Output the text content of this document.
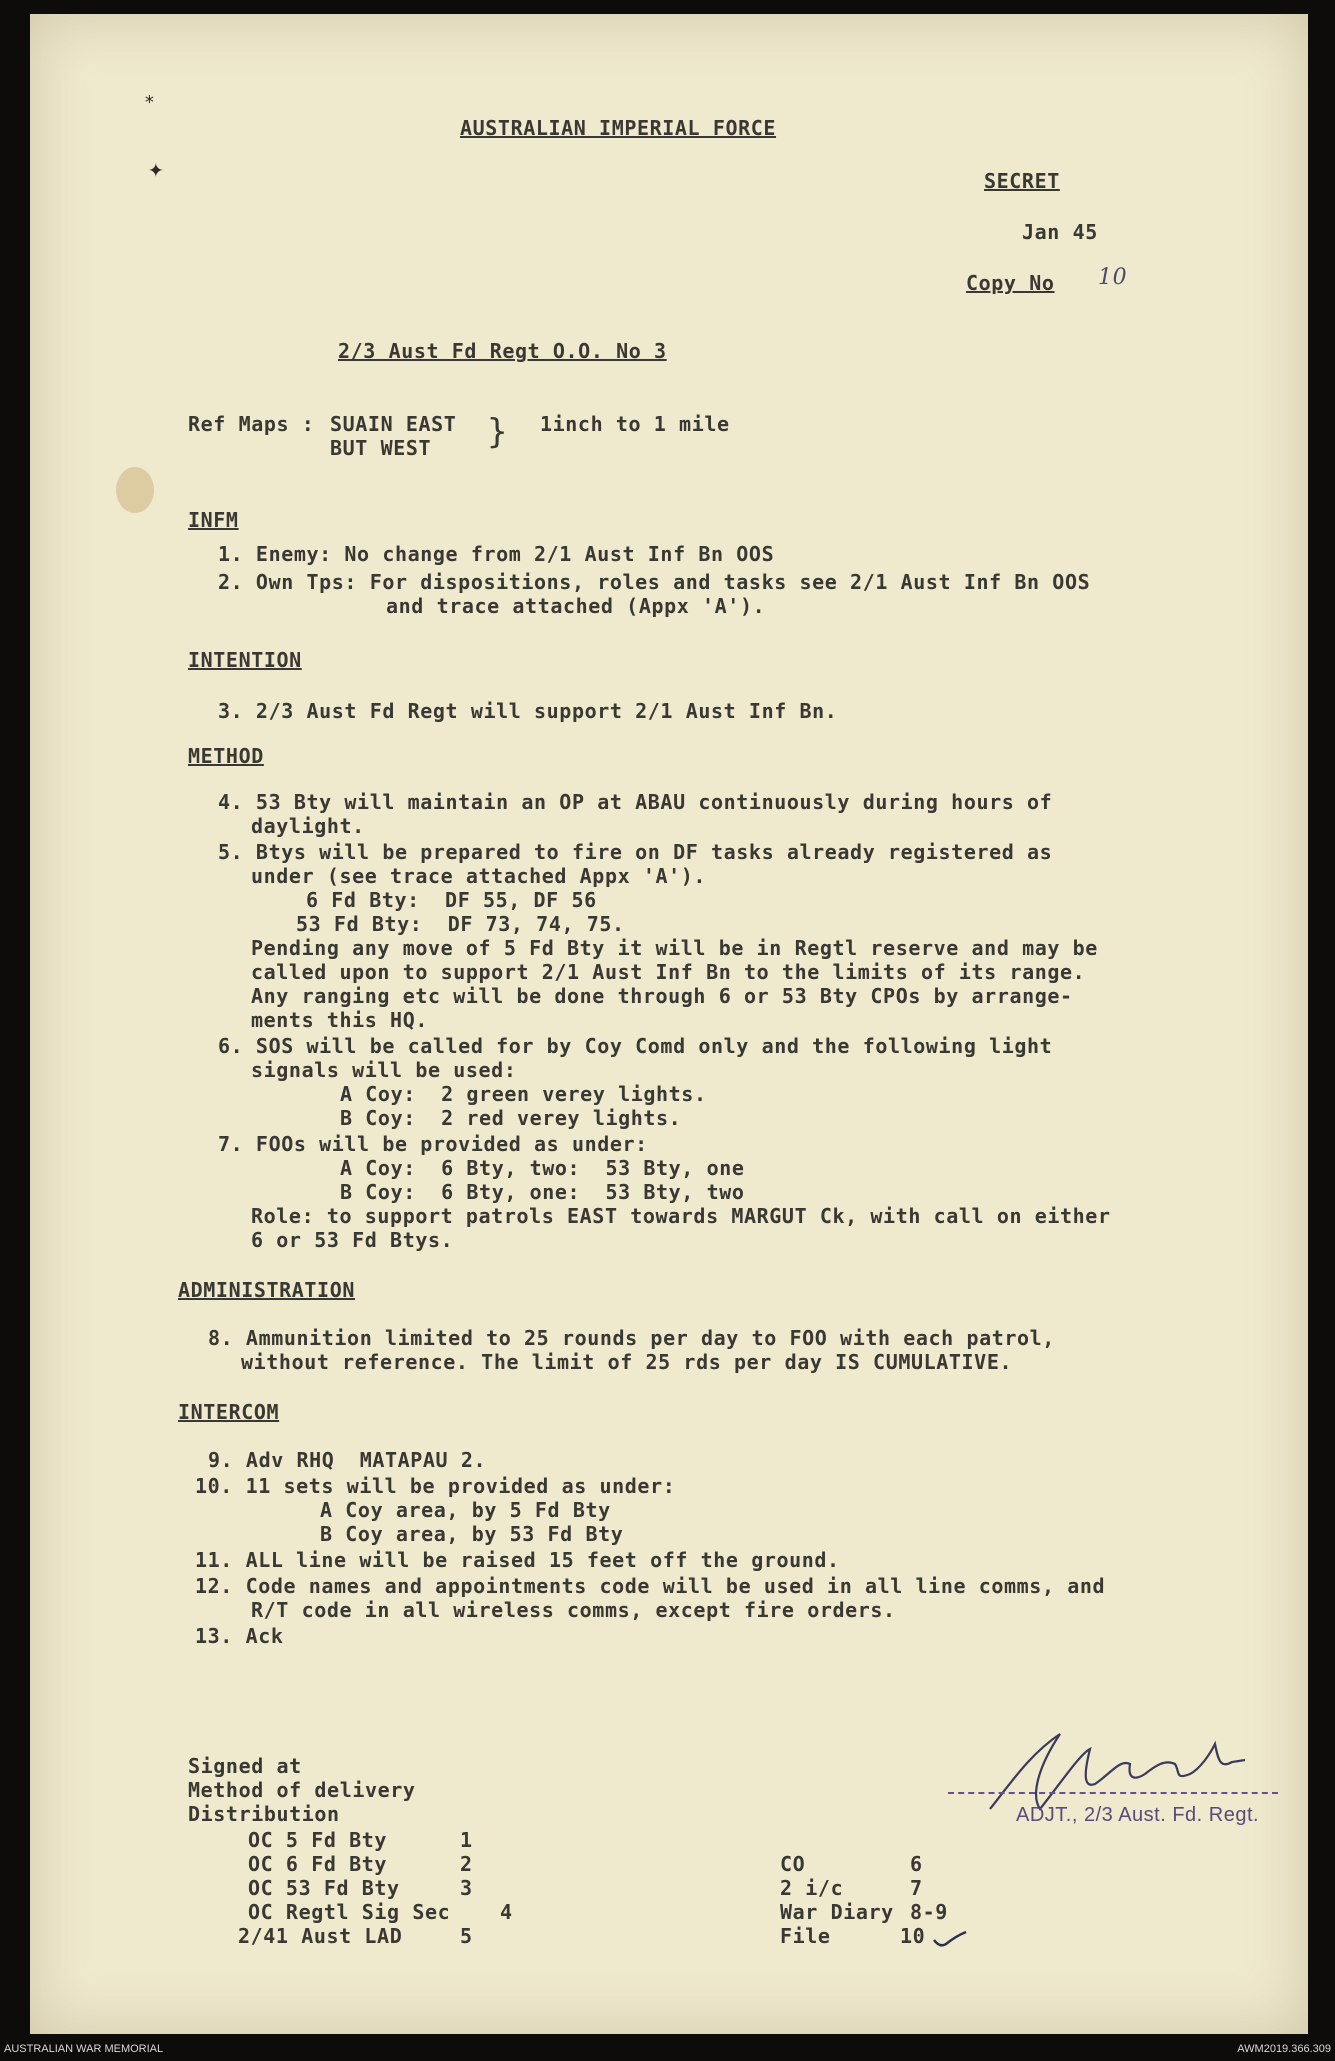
*
✦
AUSTRALIAN IMPERIAL FORCE
SECRET
Jan 45
Copy No 10
2/3 Aust Fd Regt O.O. No 3
Ref Maps : SUAIN EAST
BUT WEST } 1inch to 1 mile
INFM
1. Enemy: No change from 2/1 Aust Inf Bn OOS
2. Own Tps: For dispositions, roles and tasks see 2/1 Aust Inf Bn OOS
and trace attached (Appx 'A').
INTENTION
3. 2/3 Aust Fd Regt will support 2/1 Aust Inf Bn.
METHOD
4. 53 Bty will maintain an OP at ABAU continuously during hours of
daylight.
5. Btys will be prepared to fire on DF tasks already registered as
under (see trace attached Appx 'A').
6 Fd Bty:  DF 55, DF 56
53 Fd Bty:  DF 73, 74, 75.
Pending any move of 5 Fd Bty it will be in Regtl reserve and may be
called upon to support 2/1 Aust Inf Bn to the limits of its range.
Any ranging etc will be done through 6 or 53 Bty CPOs by arrange-
ments this HQ.
6. SOS will be called for by Coy Comd only and the following light
signals will be used:
A Coy:  2 green verey lights.
B Coy:  2 red verey lights.
7. FOOs will be provided as under:
A Coy:  6 Bty, two:  53 Bty, one
B Coy:  6 Bty, one:  53 Bty, two
Role: to support patrols EAST towards MARGUT Ck, with call on either
6 or 53 Fd Btys.
ADMINISTRATION
8. Ammunition limited to 25 rounds per day to FOO with each patrol,
without reference. The limit of 25 rds per day IS CUMULATIVE.
INTERCOM
9. Adv RHQ  MATAPAU 2.
10. 11 sets will be provided as under:
A Coy area, by 5 Fd Bty
B Coy area, by 53 Fd Bty
11. ALL line will be raised 15 feet off the ground.
12. Code names and appointments code will be used in all line comms, and
R/T code in all wireless comms, except fire orders.
13. Ack
Signed at
Method of delivery
Distribution
OC 5 Fd Bty	1
OC 6 Fd Bty	2
OC 53 Fd Bty	3
OC Regtl Sig Sec 4
2/41 Aust LAD	5
CO	6
2 i/c	7
War Diary 8-9
File	10
ADJT., 2/3 Aust. Fd. Regt.
AUSTRALIAN WAR MEMORIAL	AWM2019.366.309
